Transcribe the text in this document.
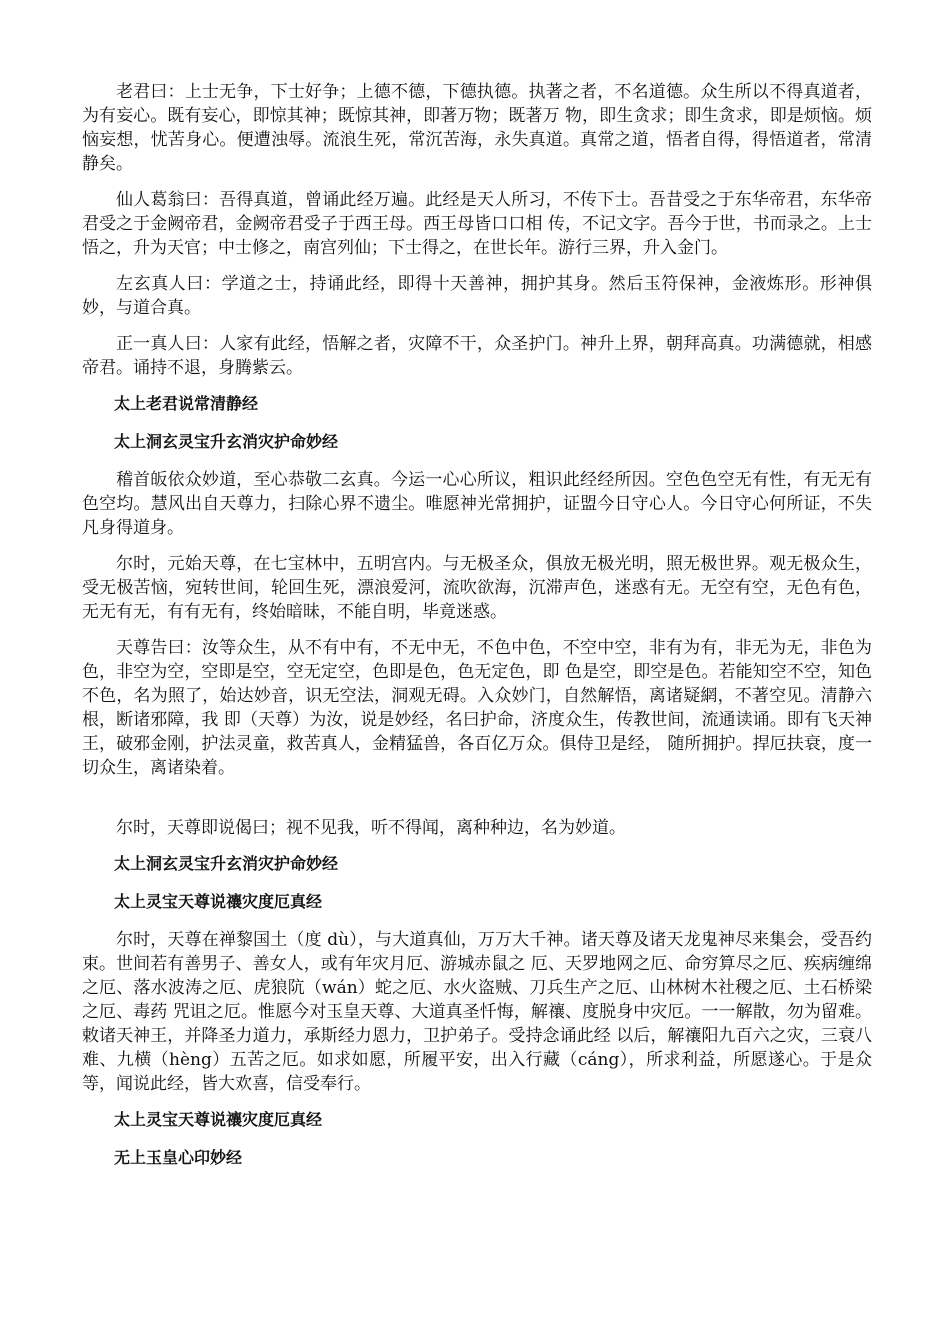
老君曰：上士无争，下士好争；上德不德，下德执德。执著之者，不名道德。众生所以不得真道者，为有妄心。既有妄心，即惊其神；既惊其神，即著万物；既著万 物，即生贪求；即生贪求，即是烦恼。烦恼妄想，忧苦身心。便遭浊辱。流浪生死，常沉苦海，永失真道。真常之道，悟者自得，得悟道者，常清静矣。

仙人葛翁曰：吾得真道，曾诵此经万遍。此经是天人所习，不传下士。吾昔受之于东华帝君，东华帝君受之于金阙帝君，金阙帝君受子于西王母。西王母皆口口相 传，不记文字。吾今于世，书而录之。上士悟之，升为天官；中士修之，南宫列仙；下士得之，在世长年。游行三界，升入金门。

左玄真人曰：学道之士，持诵此经，即得十天善神，拥护其身。然后玉符保神，金液炼形。形神俱妙，与道合真。

正一真人曰：人家有此经，悟解之者，灾障不干，众圣护门。神升上界，朝拜高真。功满德就，相感帝君。诵持不退，身腾紫云。

太上老君说常清静经
太上洞玄灵宝升玄消灾护命妙经

稽首皈依众妙道，至心恭敬二玄真。今运一心心所议，粗识此经经所因。空色色空无有性，有无无有色空均。慧风出自天尊力，扫除心界不遗尘。唯愿神光常拥护，证盟今日守心人。今日守心何所证，不失凡身得道身。

尔时，元始天尊，在七宝林中，五明宫内。与无极圣众，俱放无极光明，照无极世界。观无极众生，受无极苦恼，宛转世间，轮回生死，漂浪爱河，流吹欲海，沉滞声色，迷惑有无。无空有空，无色有色，无无有无，有有无有，终始暗昧，不能自明，毕竟迷惑。

天尊告曰：汝等众生，从不有中有，不无中无，不色中色，不空中空，非有为有，非无为无，非色为色，非空为空，空即是空，空无定空，色即是色，色无定色，即 色是空，即空是色。若能知空不空，知色不色，名为照了，始达妙音，识无空法，洞观无碍。入众妙门，自然解悟，离诸疑網，不著空见。清静六根，断诸邪障，我 即（天尊）为汝，说是妙经，名曰护命，济度众生，传教世间，流通读诵。即有飞天神王，破邪金刚，护法灵童，救苦真人，金精猛兽，各百亿万众。俱侍卫是经， 随所拥护。捍厄扶衰，度一切众生，离诸染着。

尔时，天尊即说偈曰；视不见我，听不得闻，离种种边，名为妙道。

太上洞玄灵宝升玄消灾护命妙经
太上灵宝天尊说禳灾度厄真经

尔时，天尊在禅黎国土（度 dù），与大道真仙，万万大千神。诸天尊及诸天龙鬼神尽来集会，受吾约束。世间若有善男子、善女人，或有年灾月厄、游城赤鼠之 厄、天罗地网之厄、命穷算尽之厄、疾病缠绵之厄、落水波涛之厄、虎狼阬（wán）蛇之厄、水火盗贼、刀兵生产之厄、山林树木社稷之厄、土石桥梁之厄、毒药 咒诅之厄。惟愿今对玉皇天尊、大道真圣忏悔，解禳、度脱身中灾厄。一一解散，勿为留难。敕诸天神王，并降圣力道力，承斯经力恩力，卫护弟子。受持念诵此经 以后，解禳阳九百六之灾，三衰八难、九横（hèng）五苦之厄。如求如愿，所履平安，出入行藏（cáng），所求利益，所愿遂心。于是众等，闻说此经，皆大欢喜，信受奉行。

太上灵宝天尊说禳灾度厄真经
无上玉皇心印妙经
